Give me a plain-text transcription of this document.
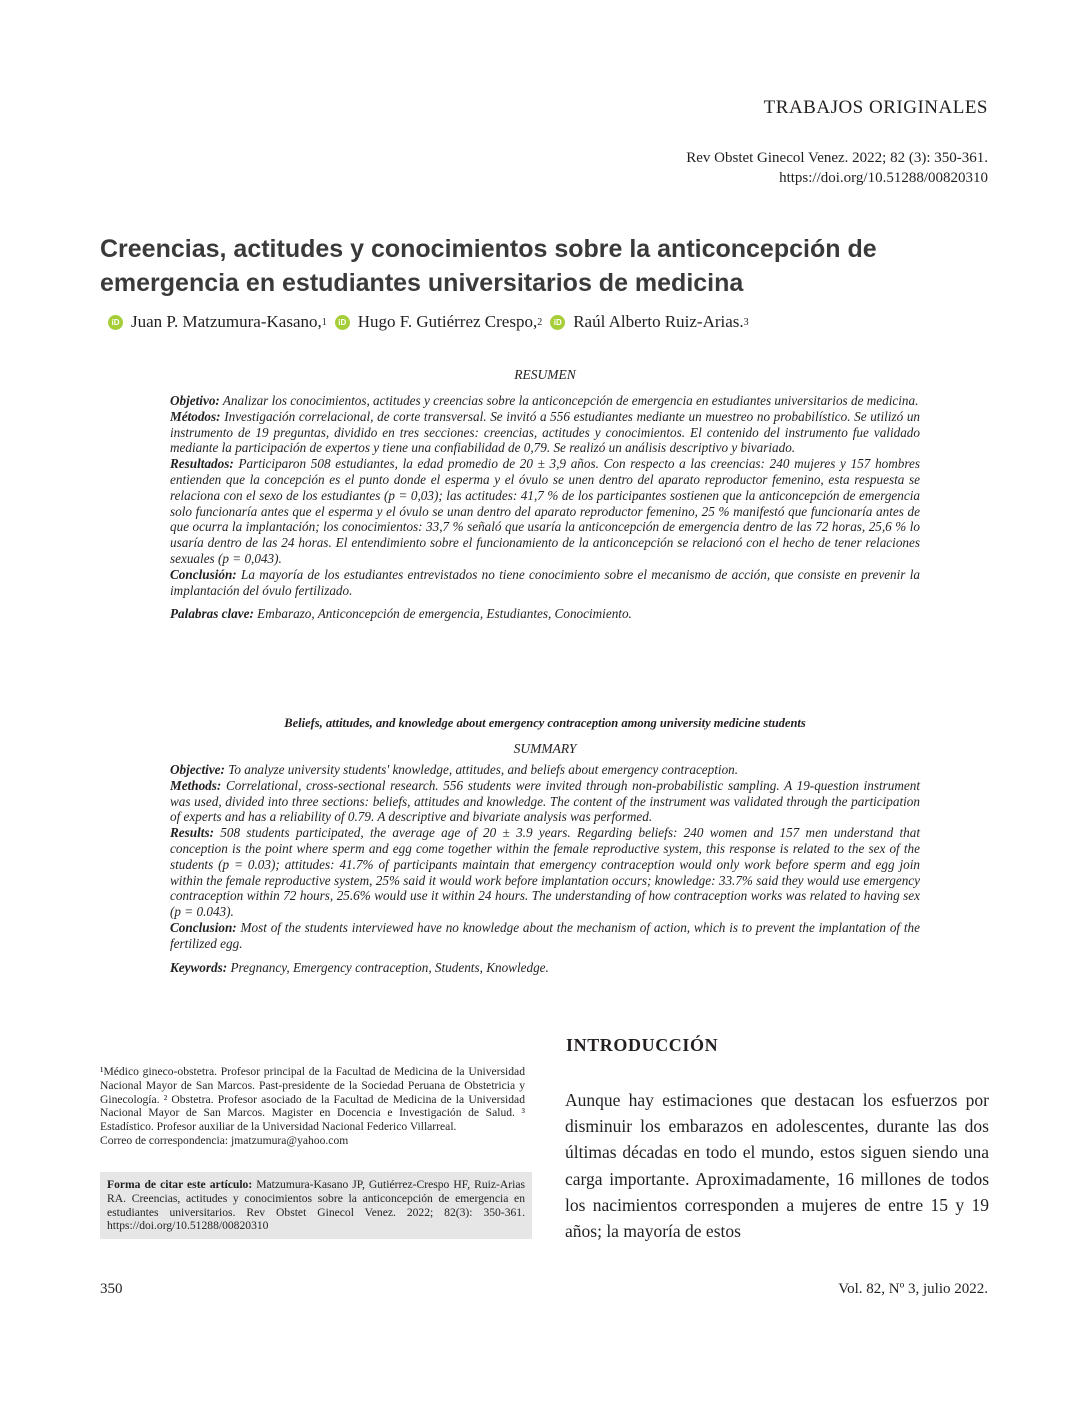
TRABAJOS ORIGINALES
Rev Obstet Ginecol Venez. 2022; 82 (3): 350-361.
https://doi.org/10.51288/00820310
Creencias, actitudes y conocimientos sobre la anticoncepción de emergencia en estudiantes universitarios de medicina
iD Juan P. Matzumura-Kasano, 1	iD Hugo F. Gutiérrez Crespo, 2	iD Raúl Alberto Ruiz-Arias. 3
RESUMEN

Objetivo: Analizar los conocimientos, actitudes y creencias sobre la anticoncepción de emergencia en estudiantes universitarios de medicina.

Métodos: Investigación correlacional, de corte transversal. Se invitó a 556 estudiantes mediante un muestreo no probabilístico. Se utilizó un instrumento de 19 preguntas, dividido en tres secciones: creencias, actitudes y conocimientos. El contenido del instrumento fue validado mediante la participación de expertos y tiene una confiabilidad de 0,79. Se realizó un análisis descriptivo y bivariado.

Resultados: Participaron 508 estudiantes, la edad promedio de 20 ± 3,9 años. Con respecto a las creencias: 240 mujeres y 157 hombres entienden que la concepción es el punto donde el esperma y el óvulo se unen dentro del aparato reproductor femenino, esta respuesta se relaciona con el sexo de los estudiantes (p = 0,03); las actitudes: 41,7 % de los participantes sostienen que la anticoncepción de emergencia solo funcionaría antes que el esperma y el óvulo se unan dentro del aparato reproductor femenino, 25 % manifestó que funcionaría antes de que ocurra la implantación; los conocimientos: 33,7 % señaló que usaría la anticoncepción de emergencia dentro de las 72 horas, 25,6 % lo usaría dentro de las 24 horas. El entendimiento sobre el funcionamiento de la anticoncepción se relacionó con el hecho de tener relaciones sexuales (p = 0,043).

Conclusión: La mayoría de los estudiantes entrevistados no tiene conocimiento sobre el mecanismo de acción, que consiste en prevenir la implantación del óvulo fertilizado.

Palabras clave: Embarazo, Anticoncepción de emergencia, Estudiantes, Conocimiento.

Beliefs, attitudes, and knowledge about emergency contraception among university medicine students
SUMMARY

Objective: To analyze university students' knowledge, attitudes, and beliefs about emergency contraception.

Methods: Correlational, cross-sectional research. 556 students were invited through non-probabilistic sampling. A 19-question instrument was used, divided into three sections: beliefs, attitudes and knowledge. The content of the instrument was validated through the participation of experts and has a reliability of 0.79. A descriptive and bivariate analysis was performed.

Results: 508 students participated, the average age of 20 ± 3.9 years. Regarding beliefs: 240 women and 157 men understand that conception is the point where sperm and egg come together within the female reproductive system, this response is related to the sex of the students (p = 0.03); attitudes: 41.7% of participants maintain that emergency contraception would only work before sperm and egg join within the female reproductive system, 25% said it would work before implantation occurs; knowledge: 33.7% said they would use emergency contraception within 72 hours, 25.6% would use it within 24 hours. The understanding of how contraception works was related to having sex (p = 0.043).

Conclusion: Most of the students interviewed have no knowledge about the mechanism of action, which is to prevent the implantation of the fertilized egg.

Keywords: Pregnancy, Emergency contraception, Students, Knowledge.

¹Médico gineco-obstetra. Profesor principal de la Facultad de Medicina de la Universidad Nacional Mayor de San Marcos. Past-presidente de la Sociedad Peruana de Obstetricia y Ginecología. ² Obstetra. Profesor asociado de la Facultad de Medicina de la Universidad Nacional Mayor de San Marcos. Magister en Docencia e Investigación de Salud. ³ Estadístico. Profesor auxiliar de la Universidad Nacional Federico Villarreal.
Correo de correspondencia: jmatzumura@yahoo.com
Forma de citar este artículo: Matzumura-Kasano JP, Gutiérrez-Crespo HF, Ruiz-Arias RA. Creencias, actitudes y conocimientos sobre la anticoncepción de emergencia en estudiantes universitarios. Rev Obstet Ginecol Venez. 2022; 82(3): 350-361. https://doi.org/10.51288/00820310
INTRODUCCIÓN
Aunque hay estimaciones que destacan los esfuerzos por disminuir los embarazos en adolescentes, durante las dos últimas décadas en todo el mundo, estos siguen siendo una carga importante. Aproximadamente, 16 millones de todos los nacimientos corresponden a mujeres de entre 15 y 19 años; la mayoría de estos
350	Vol. 82, Nº 3, julio 2022.
